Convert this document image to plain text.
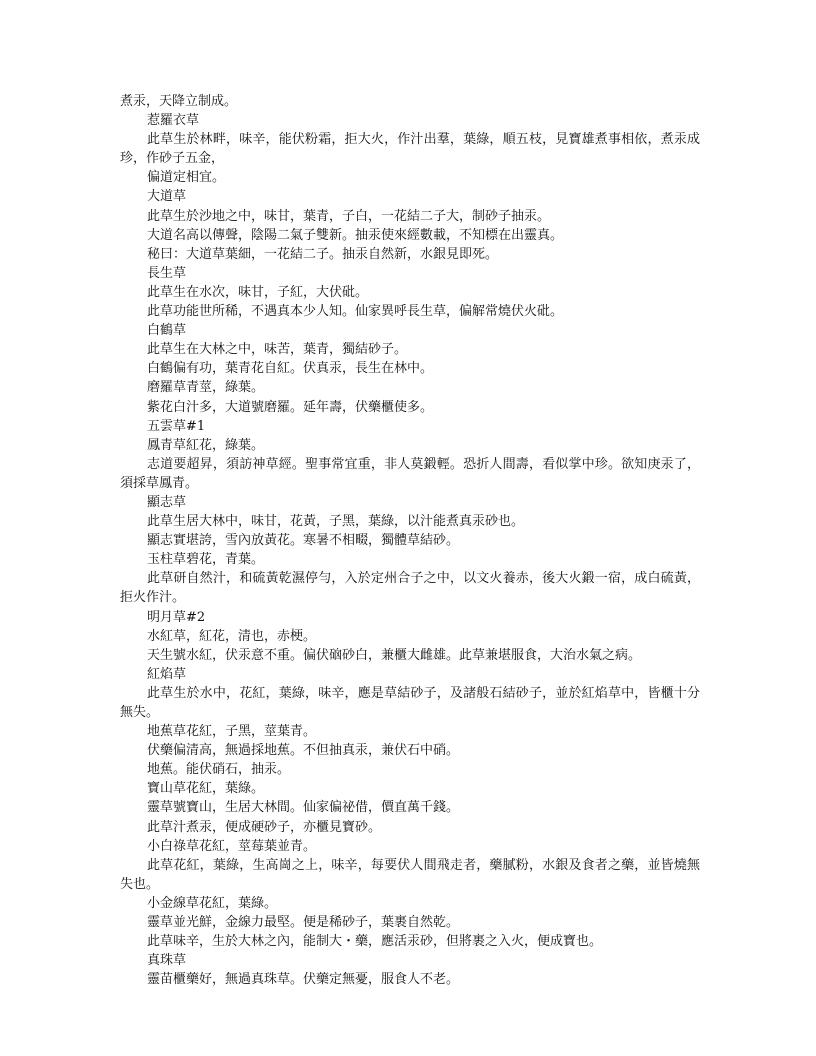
煮汞，天降立制成。

惹羅衣草

此草生於林畔，味辛，能伏粉霜，拒大火，作汁出羣，葉綠，順五枝，見寶雄煮事相依，煮汞成珍，作砂子五金，

偏道定相宜。

大道草

此草生於沙地之中，味甘，葉青，子白，一花結二子大，制砂子抽汞。

大道名高以傳聲，陰陽二氣子雙新。抽汞使來經數載，不知標在出靈真。

秘曰：大道草葉細，一花結二子。抽汞自然新，水銀見即死。

長生草

此草生在水次，味甘，子紅，大伏砒。

此草功能世所稀，不遇真本少人知。仙家異呼長生草，偏解常燒伏火砒。

白鶴草

此草生在大林之中，味苦，葉青，獨結砂子。

白鶴偏有功，葉青花自紅。伏真汞，長生在林中。

磨羅草青莖，綠葉。

紫花白汁多，大道號磨羅。延年壽，伏藥櫃使多。

五雲草#1

鳳青草紅花，綠葉。

志道要超昇，須訪神草經。聖事常宜重，非人莫鍛輕。恐折人間壽，看似掌中珍。欲知庚汞了，須採草鳳青。

顯志草

此草生居大林中，味甘，花黃，子黑，葉綠，以汁能煮真汞砂也。

顯志實堪誇，雪內放黃花。寒暑不相畷，獨體草結砂。

玉柱草碧花，青葉。

此草研自然汁，和硫黃乾濕停勻，入於定州合子之中，以文火養赤，後大火鍛一宿，成白硫黃，拒火作汁。

明月草#2

水紅草，紅花，清也，赤梗。

天生號水紅，伏汞意不重。偏伏硇砂白，兼櫃大雌雄。此草兼堪服食，大治水氣之病。

紅焰草

此草生於水中，花紅，葉綠，味辛，應是草結砂子，及諸般石結砂子，並於紅焰草中，皆櫃十分無失。

地蕉草花紅，子黑，莖葉青。

伏藥偏清高，無過採地蕉。不但抽真汞，兼伏石中硝。

地蕉。能伏硝石，抽汞。

寶山草花紅，葉綠。

靈草號寶山，生居大林間。仙家偏祕借，價直萬千錢。

此草汁煮汞，便成硬砂子，亦櫃見寶砂。

小白祿草花紅，莖莓葉並青。

此草花紅，葉綠，生高崗之上，味辛，每要伏人間飛走者，藥膩粉，水銀及食者之藥，並皆燒無失也。

小金線草花紅，葉綠。

靈草並光鮮，金線力最堅。便是稀砂子，葉裹自然乾。

此草味辛，生於大林之內，能制大・藥，應活汞砂，但將裹之入火，便成寶也。

真珠草

靈苗櫃藥好，無過真珠草。伏藥定無憂，服食人不老。
